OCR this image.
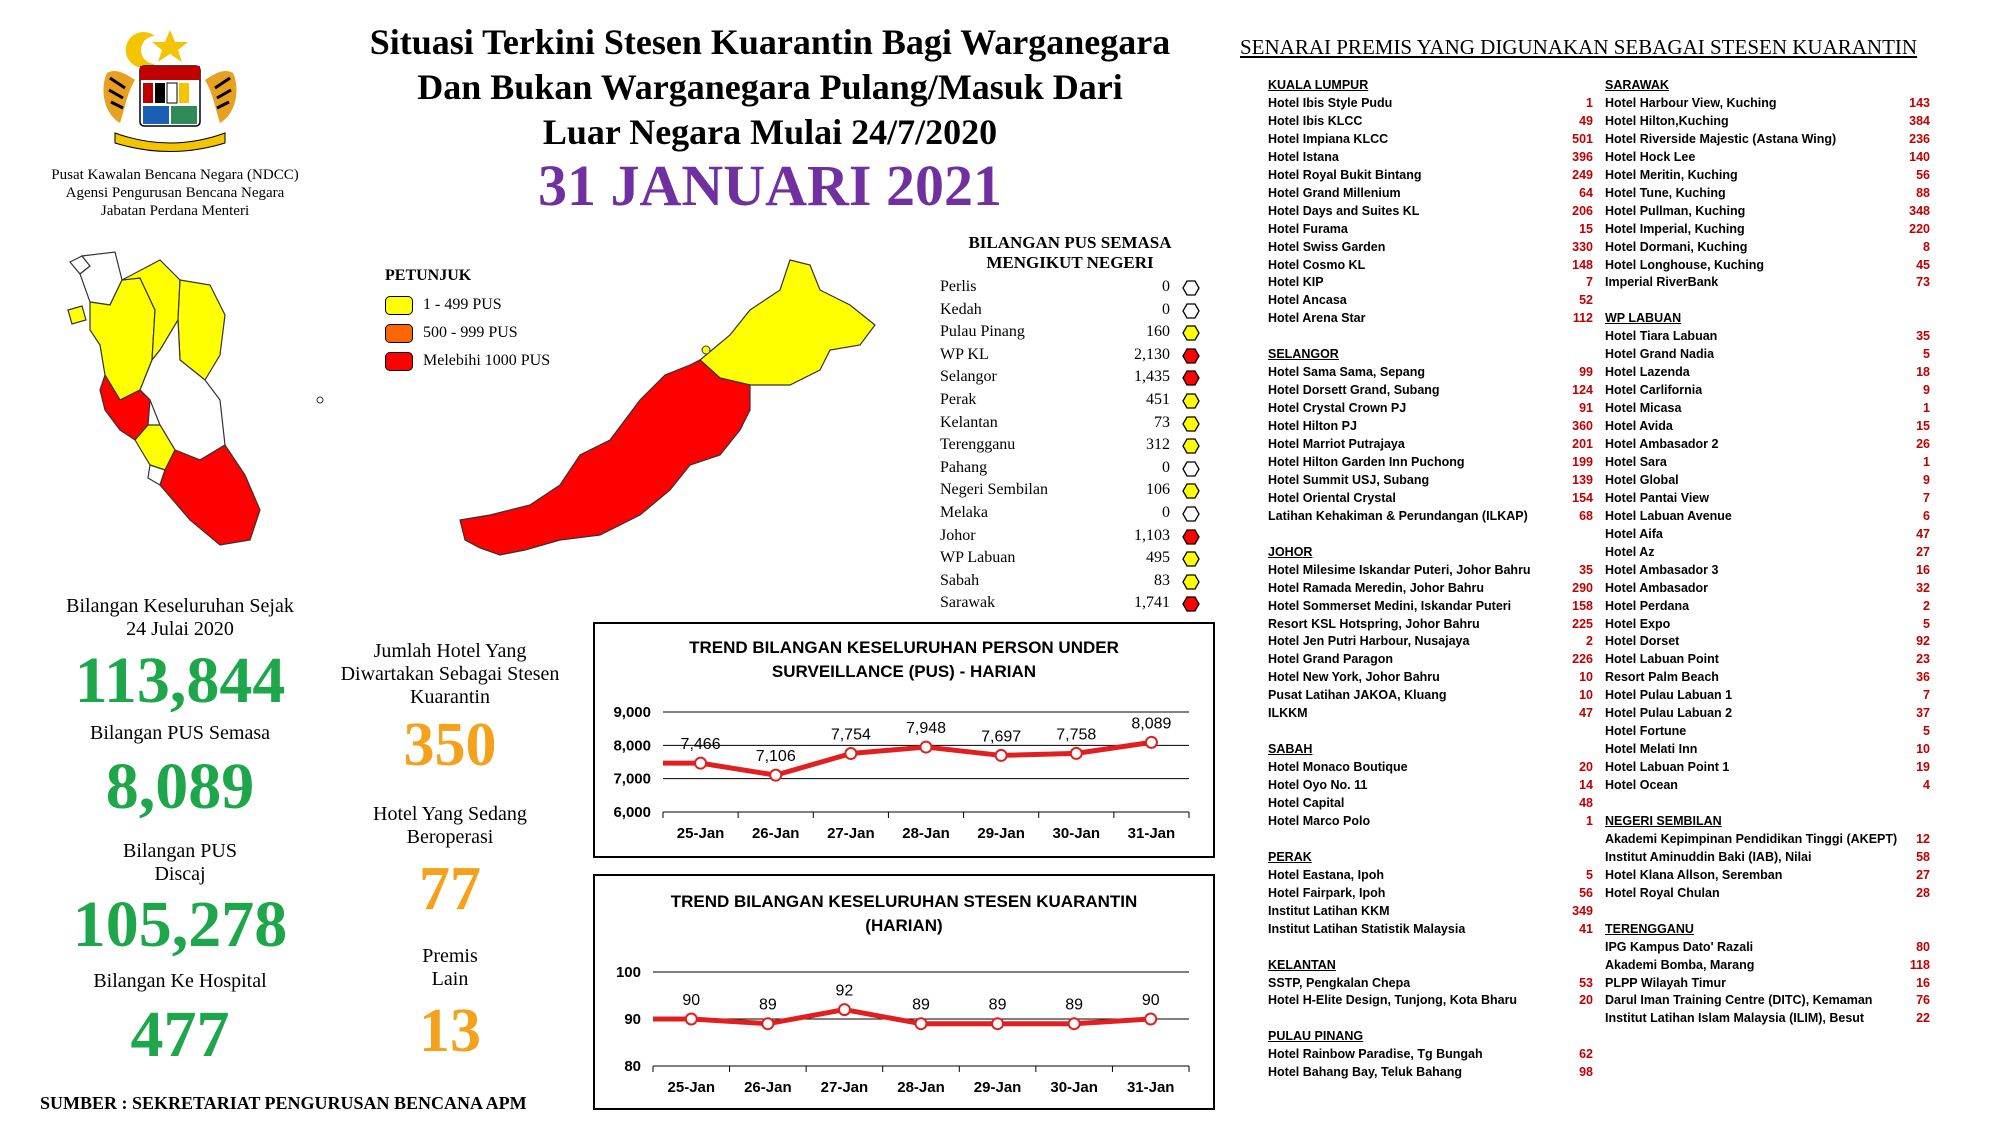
Pusat Kawalan Bencana Negara (NDCC)
Agensi Pengurusan Bencana Negara
Jabatan Perdana Menteri
Situasi Terkini Stesen Kuarantin Bagi Warganegara
Dan Bukan Warganegara Pulang/Masuk Dari
Luar Negara Mulai 24/7/2020
31 JANUARI 2021
PETUNJUK
1 - 499 PUS
500 - 999 PUS
Melebihi 1000 PUS
BILANGAN PUS SEMASA
MENGIKUT NEGERI
Perlis	0
Kedah	0
Pulau Pinang	160
WP KL	2,130
Selangor	1,435
Perak	451
Kelantan	73
Terengganu	312
Pahang	0
Negeri Sembilan	106
Melaka	0
Johor	1,103
WP Labuan	495
Sabah	83
Sarawak	1,741
Bilangan Keseluruhan Sejak
24 Julai 2020
113,844
Bilangan PUS Semasa
8,089
Bilangan PUS
Discaj
105,278
Bilangan Ke Hospital
477
Jumlah Hotel Yang
Diwartakan Sebagai Stesen
Kuarantin
350
Hotel Yang Sedang
Beroperasi
77
Premis
Lain
13
TREND BILANGAN KESELURUHAN PERSON UNDER
SURVEILLANCE (PUS) - HARIAN
9,000
8,000
7,000
6,000
25-Jan 26-Jan 27-Jan 28-Jan 29-Jan 30-Jan 31-Jan
7,466
7,106
7,754 7,948 7,697 7,758
8,089
TREND BILANGAN KESELURUHAN STESEN KUARANTIN
(HARIAN)
100
90
80
25-Jan 26-Jan 27-Jan 28-Jan 29-Jan 30-Jan 31-Jan
90	89
92
89	89	89	90
SENARAI PREMIS YANG DIGUNAKAN SEBAGAI STESEN KUARANTIN
KUALA LUMPUR
Hotel Ibis Style Pudu	1
Hotel Ibis KLCC	49
Hotel Impiana KLCC	501
Hotel Istana	396
Hotel Royal Bukit Bintang	249
Hotel Grand Millenium	64
Hotel Days and Suites KL	206
Hotel Furama	15
Hotel Swiss Garden	330
Hotel Cosmo KL	148
Hotel KIP	7
Hotel Ancasa	52
Hotel Arena Star	112
SELANGOR
Hotel Sama Sama, Sepang	99
Hotel Dorsett Grand, Subang	124
Hotel Crystal Crown PJ	91
Hotel Hilton PJ	360
Hotel Marriot Putrajaya	201
Hotel Hilton Garden Inn Puchong	199
Hotel Summit USJ, Subang	139
Hotel Oriental Crystal	154
Latihan Kehakiman & Perundangan (ILKAP)	68
JOHOR
Hotel Milesime Iskandar Puteri, Johor Bahru	35
Hotel Ramada Meredin, Johor Bahru	290
Hotel Sommerset Medini, Iskandar Puteri	158
Resort KSL Hotspring, Johor Bahru	225
Hotel Jen Putri Harbour, Nusajaya	2
Hotel Grand Paragon	226
Hotel New York, Johor Bahru	10
Pusat Latihan JAKOA, Kluang	10
ILKKM	47
SABAH
Hotel Monaco Boutique	20
Hotel Oyo No. 11	14
Hotel Capital	48
Hotel Marco Polo	1
PERAK
Hotel Eastana, Ipoh	5
Hotel Fairpark, Ipoh	56
Institut Latihan KKM	349
Institut Latihan Statistik Malaysia	41
KELANTAN
SSTP, Pengkalan Chepa	53
Hotel H-Elite Design, Tunjong, Kota Bharu	20
PULAU PINANG
Hotel Rainbow Paradise, Tg Bungah	62
Hotel Bahang Bay, Teluk Bahang	98
SARAWAK
Hotel Harbour View, Kuching	143
Hotel Hilton,Kuching	384
Hotel Riverside Majestic (Astana Wing)	236
Hotel Hock Lee	140
Hotel Meritin, Kuching	56
Hotel Tune, Kuching	88
Hotel Pullman, Kuching	348
Hotel Imperial, Kuching	220
Hotel Dormani, Kuching	8
Hotel Longhouse, Kuching	45
Imperial RiverBank	73
WP LABUAN
Hotel Tiara Labuan	35
Hotel Grand Nadia	5
Hotel Lazenda	18
Hotel Carlifornia	9
Hotel Micasa	1
Hotel Avida	15
Hotel Ambasador 2	26
Hotel Sara	1
Hotel Global	9
Hotel Pantai View	7
Hotel Labuan Avenue	6
Hotel Aifa	47
Hotel Az	27
Hotel Ambasador 3	16
Hotel Ambasador	32
Hotel Perdana	2
Hotel Expo	5
Hotel Dorset	92
Hotel Labuan Point	23
Resort Palm Beach	36
Hotel Pulau Labuan 1	7
Hotel Pulau Labuan 2	37
Hotel Fortune	5
Hotel Melati Inn	10
Hotel Labuan Point 1	19
Hotel Ocean	4
NEGERI SEMBILAN
Akademi Kepimpinan Pendidikan Tinggi (AKEPT) 12
Institut Aminuddin Baki (IAB), Nilai	58
Hotel Klana Allson, Seremban	27
Hotel Royal Chulan	28
TERENGGANU
IPG Kampus Dato' Razali	80
Akademi Bomba, Marang	118
PLPP Wilayah Timur	16
Darul Iman Training Centre (DITC), Kemaman	76
Institut Latihan Islam Malaysia (ILIM), Besut	22
SUMBER : SEKRETARIAT PENGURUSAN BENCANA APM
